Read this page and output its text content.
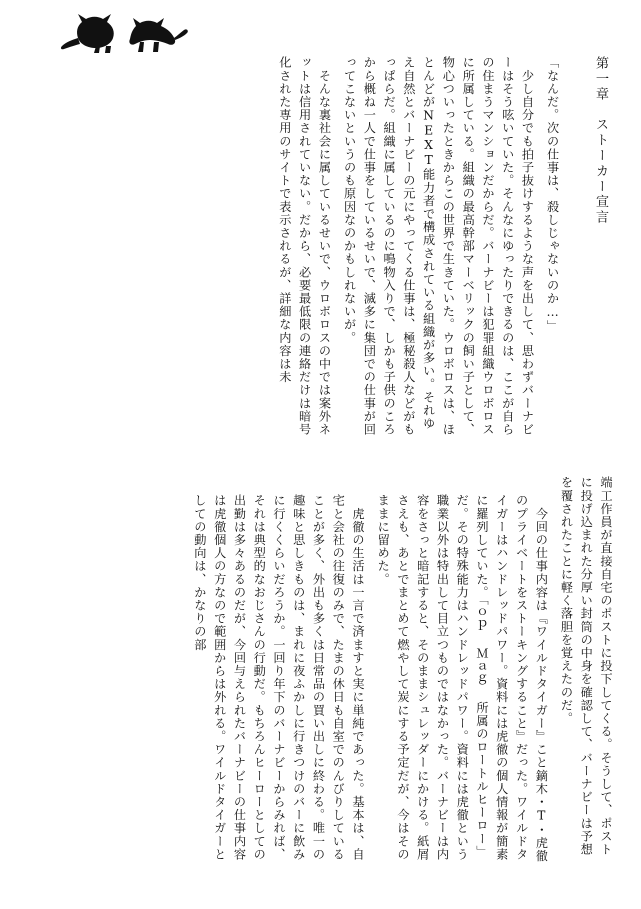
　そんな裏社会に属しているせいで、ウロボロスの中では案外ネットは信用されていない。だから、必要最低限の連絡だけは暗号化された専用のサイトで表示されるが、詳細な内容は未	　少し自分でも拍子抜けするような声を出して、思わずバーナビーはそう呟いていた。そんなにゆったりできるのは、ここが自らの住まうマンションだからだ。バーナビーは犯罪組織ウロボロスに所属している。組織の最高幹部マーベリックの飼い子として、物心ついったときからこの世界で生きていた。ウロボロスは、ほとんどがNEXT能力者で構成されている組織が多い。それゆえ自然とバーナビーの元にやってくる仕事は、極秘殺人などがもっぱらだ。組織に属しているのに鳴物入りで、しかも子供のころから概ね一人で仕事をしているせいで、滅多に集団での仕事が回ってこないというのも原因なのかもしれないが。	「なんだ。次の仕事は、殺しじゃないのか…」	第一章　ストーカー宣言
　虎徹の生活は一言で済ますと実に単純であった。基本は、自宅と会社の往復のみで、たまの休日も自室でのんびりしていることが多く、外出も多くは日常品の買い出しに終わる。唯一の趣味と思しきものは、まれに夜ふかしに行きつけのバーに飲みに行くくらいだろうか。一回り年下のバーナビーからみれば、それは典型的なおじさんの行動だ。もちろんヒーローとしての出勤は多々あるのだが、今回与えられたバーナビーの仕事内容は虎徹個人の方なので範囲からは外れる。ワイルドタイガーとしての動向は、かなりの部	　今回の仕事内容は『ワイルドタイガー』こと鏑木・T・虎徹のプライベートをストーキングすること』だった。ワイルドタイガーはハンドレッドパワー。資料には虎徹の個人情報が簡素に羅列していた。「ｏｐ Ｍａｇ 所属のロートルヒーロー」だ。その特殊能力はハンドレッドパワー。資料には虎徹という職業以外は特出して目立つものではなかった。バーナビーは内容をさっと暗記すると、そのままシュレッダーにかける。紙屑さえも、あとでまとめて燃やして炭にする予定だが、今はそのままに留めた。	端工作員が直接自宅のポストに投下してくる。そうして、ポストに投げ込まれた分厚い封筒の中身を確認して、バーナビーは予想を覆されたことに軽く落胆を覚えたのだ。
